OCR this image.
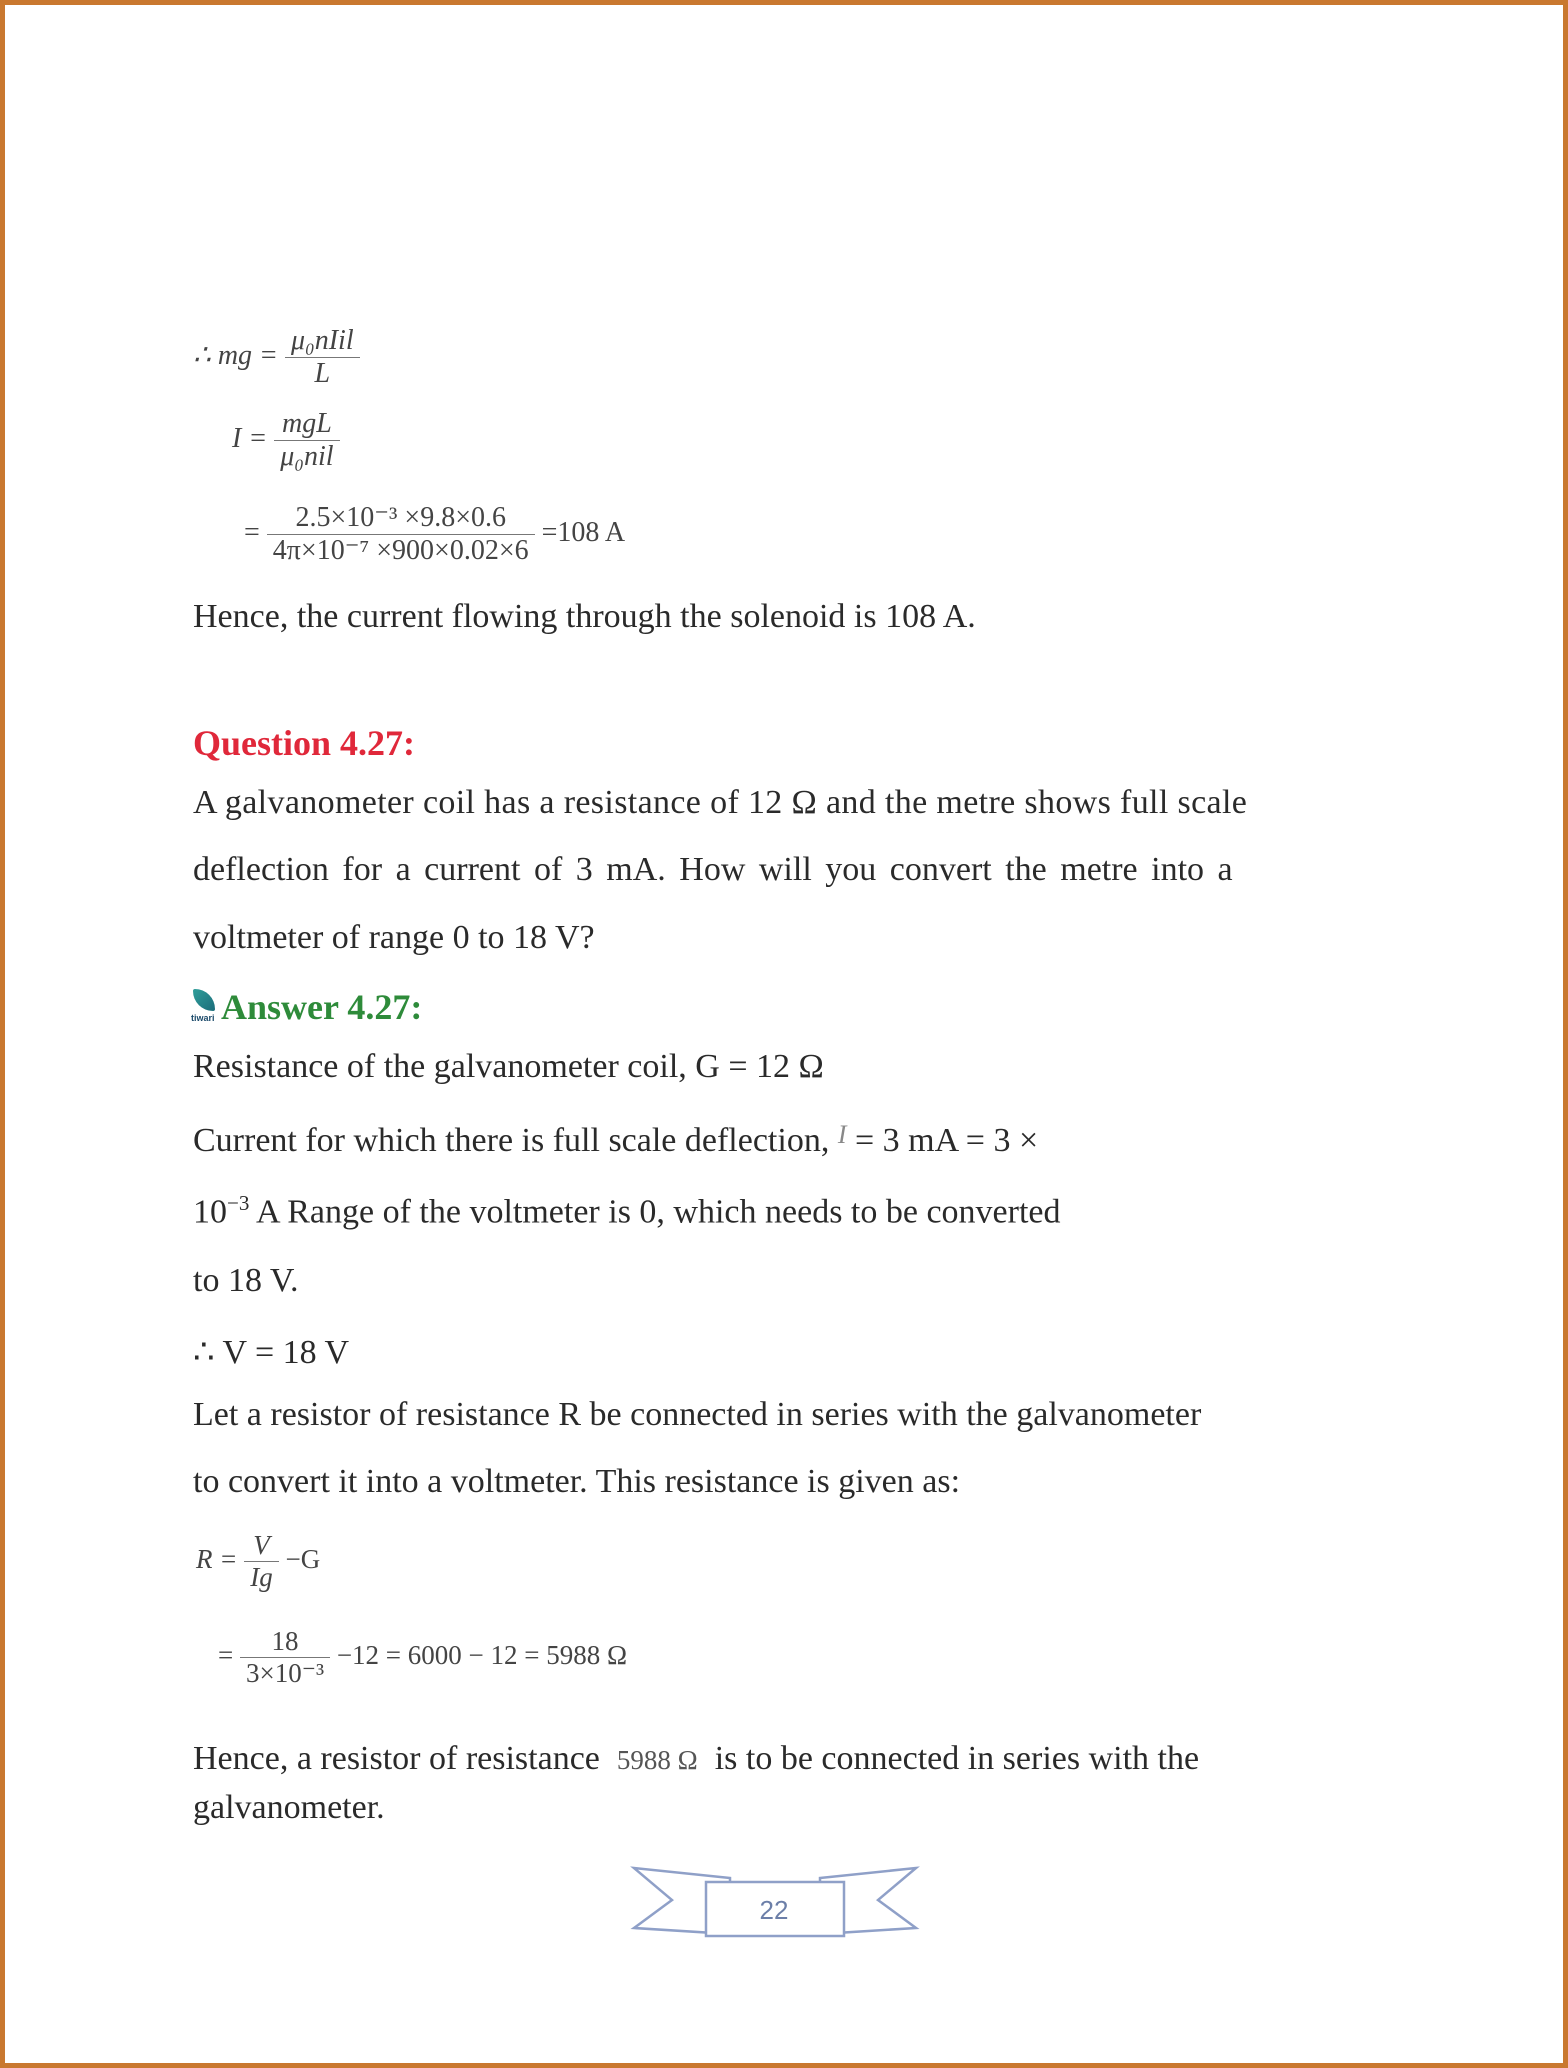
∴ mg = $\frac{\text{μ₀nIil}}{L}$
$I = \frac{\text{mgL}}{\text{μ₀nil}}$
= $\frac{\text{2.5×10⁻³ ×9.8×0.6}}{\text{4π×10⁻⁷ ×900×0.02×6}} =108$ A
Hence, the current flowing through the solenoid is 108 A.
Question 4.27:
A galvanometer coil has a resistance of 12 Ω and the metre shows full scale
deflection for a current of 3 mA. How will you convert the metre into a
voltmeter of range 0 to 18 V?
tiwari Answer 4.27:
Resistance of the galvanometer coil, G = 12 Ω
Current for which there is full scale deflection, $^I$ = 3 mA = 3 ×
$10^{-3}$ A Range of the voltmeter is 0, which needs to be converted
to 18 V.
∴ V = 18 V
Let a resistor of resistance R be connected in series with the galvanometer
to convert it into a voltmeter. This resistance is given as:
$R = \frac{V}{Ig} -G$
= $\frac{18}{\text{3×10⁻³}} -12 = 6000 - 12 = 5988$ Ω
Hence, a resistor of resistance 5988 Ω is to be connected in series with the
galvanometer.
22
